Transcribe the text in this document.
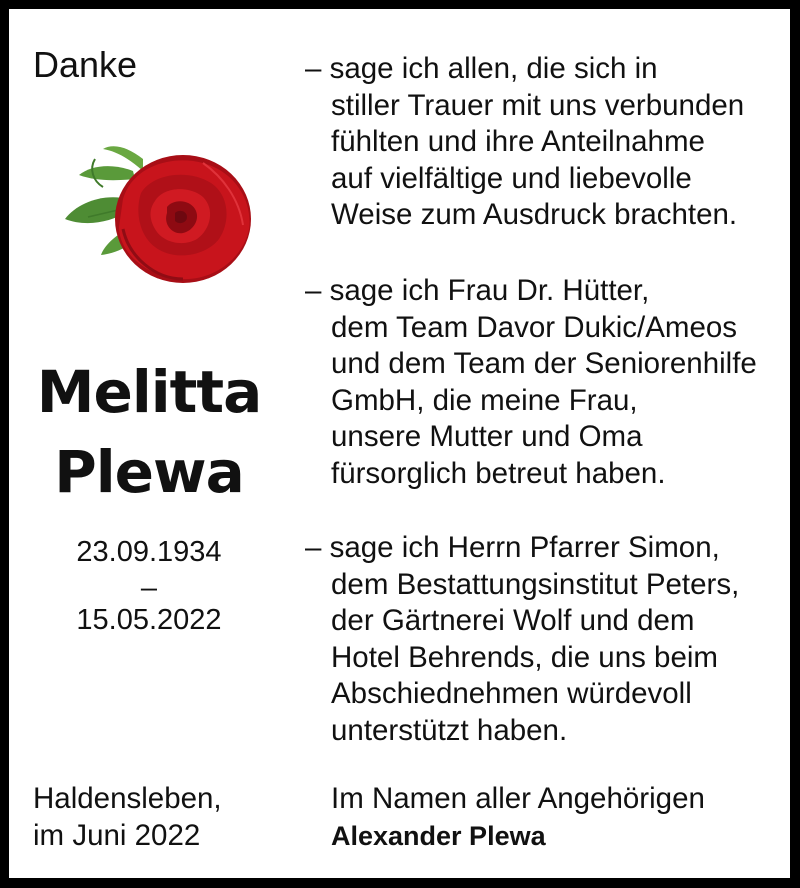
Danke
Melitta
Plewa
23.09.1934
–
15.05.2022
– sage ich allen, die sich in
stiller Trauer mit uns verbunden
fühlten und ihre Anteilnahme
auf vielfältige und liebevolle
Weise zum Ausdruck brachten.
– sage ich Frau Dr. Hütter,
dem Team Davor Dukic/Ameos
und dem Team der Seniorenhilfe
GmbH, die meine Frau,
unsere Mutter und Oma
fürsorglich betreut haben.
– sage ich Herrn Pfarrer Simon,
dem Bestattungsinstitut Peters,
der Gärtnerei Wolf und dem
Hotel Behrends, die uns beim
Abschiednehmen würdevoll
unterstützt haben.
Haldensleben,
im Juni 2022
Im Namen aller Angehörigen
Alexander Plewa
